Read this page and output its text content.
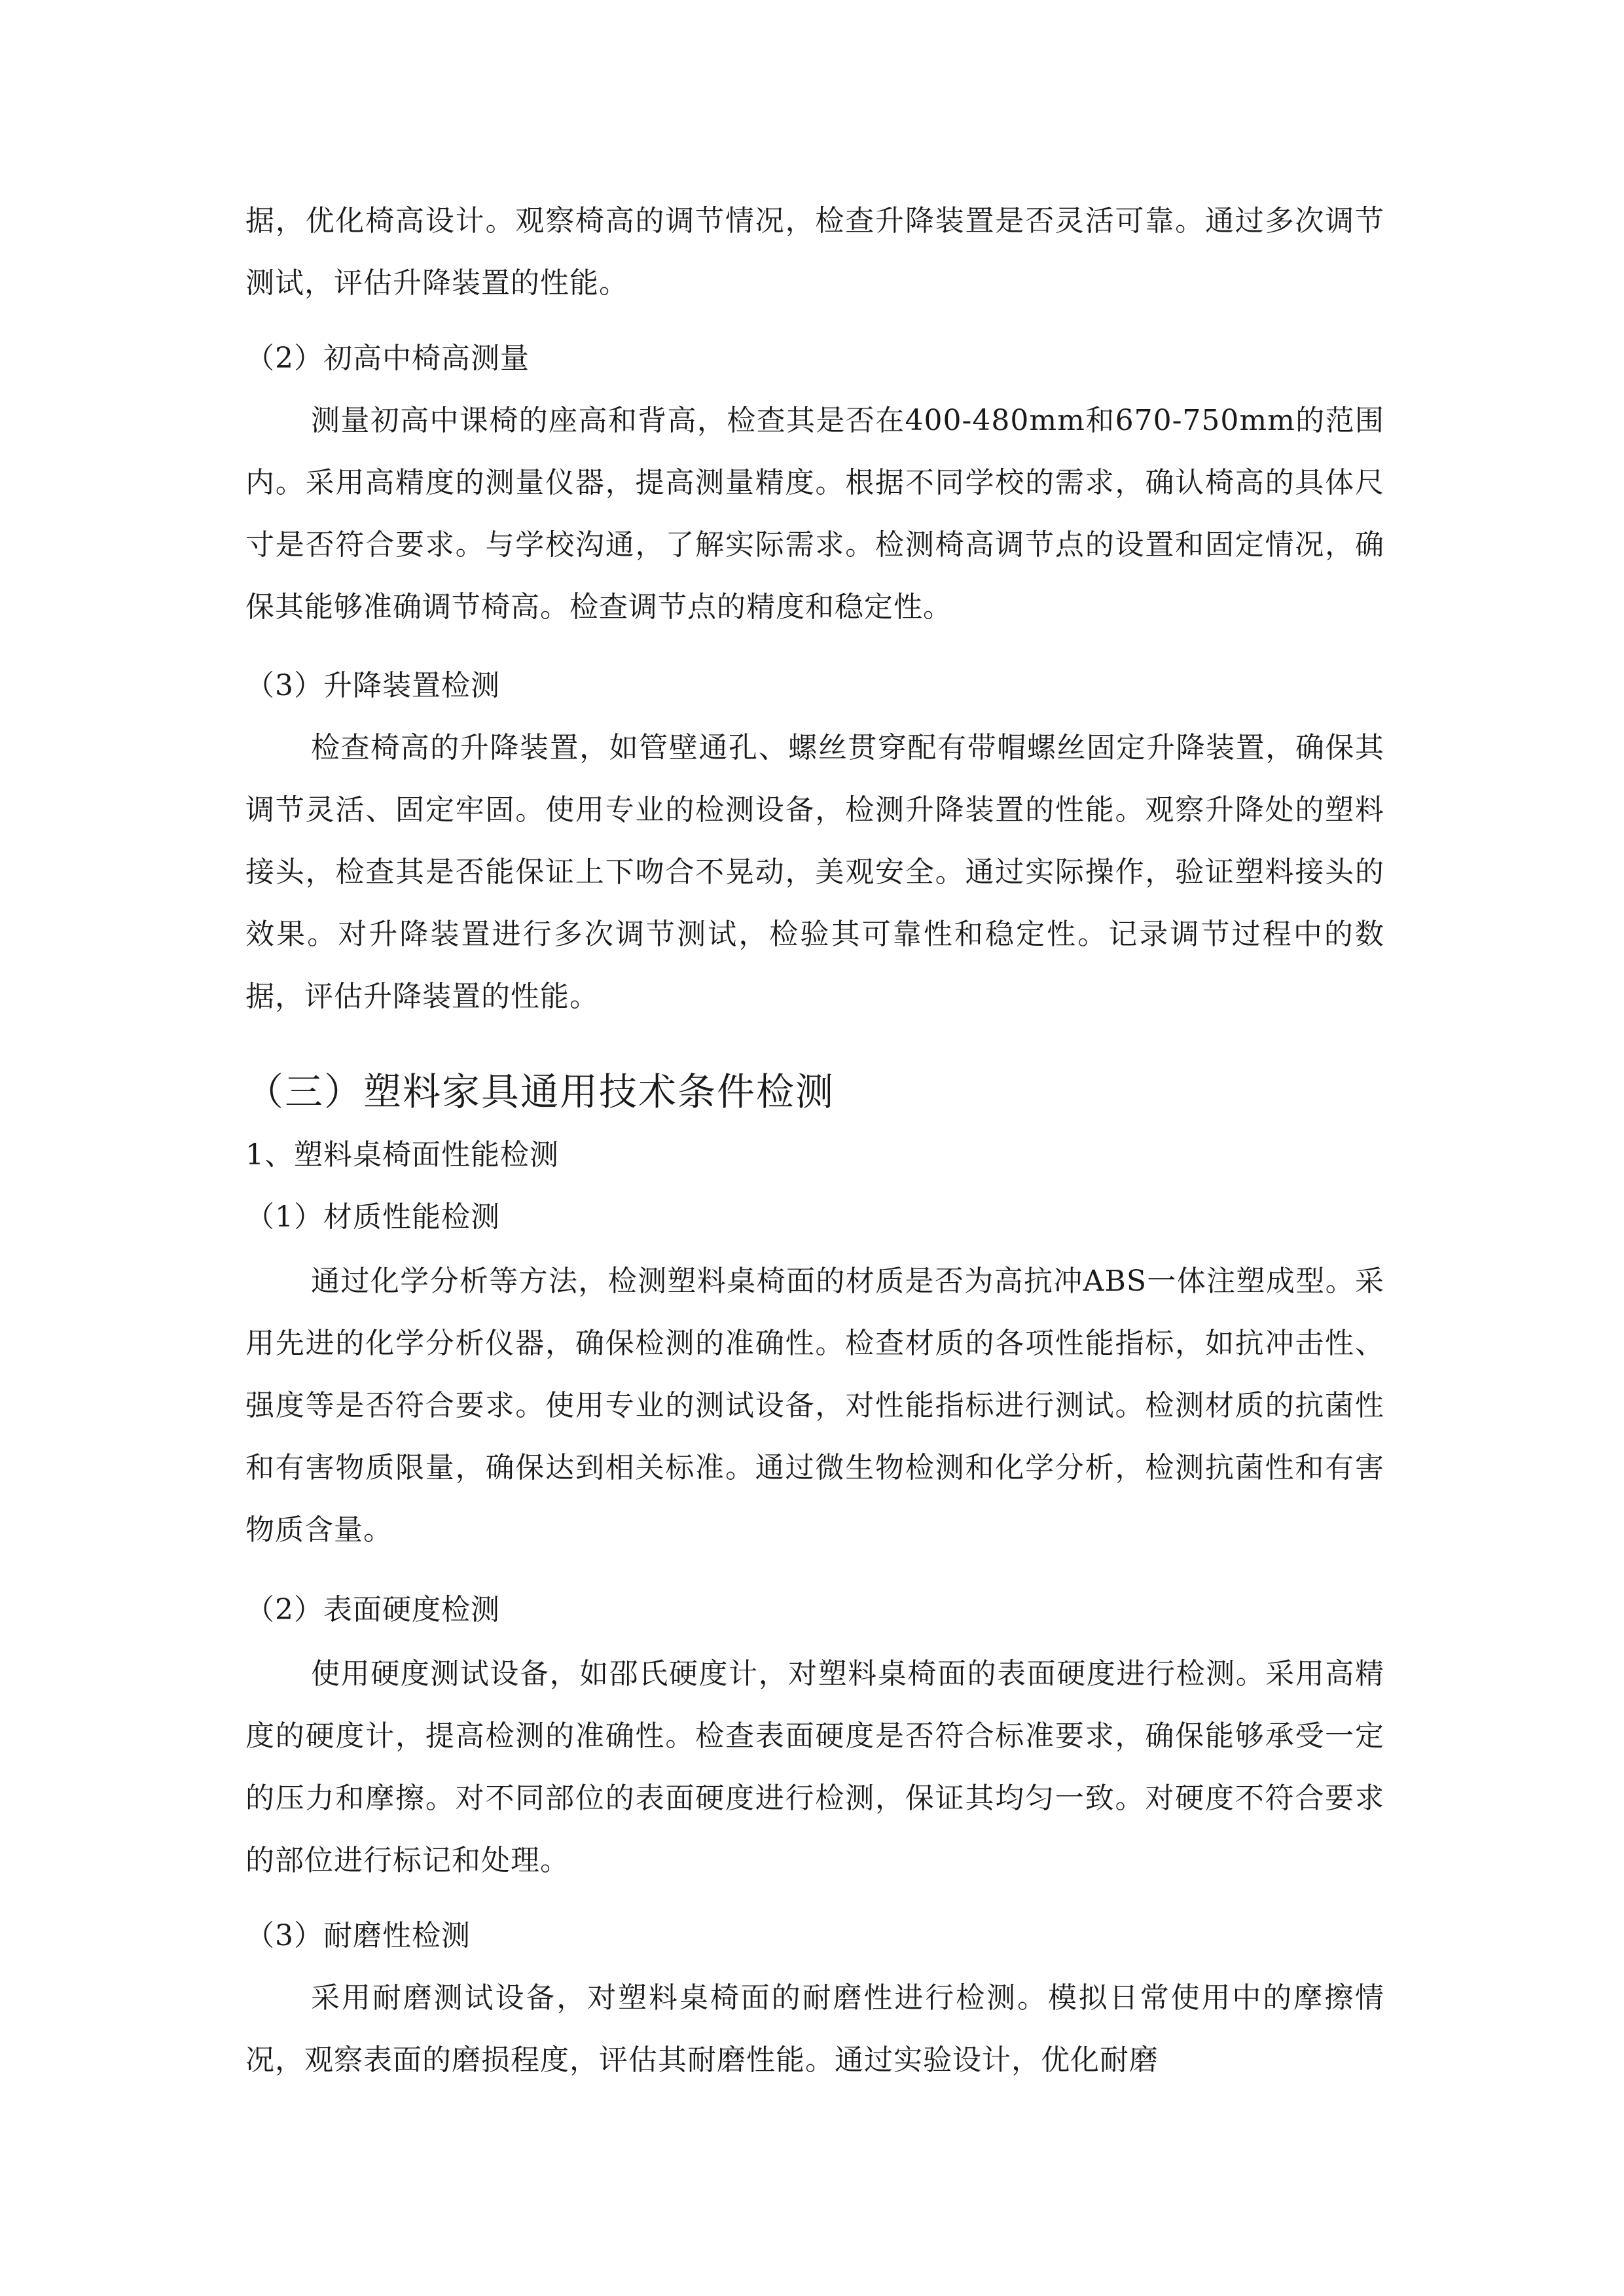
据，优化椅高设计。观察椅高的调节情况，检查升降装置是否灵活可靠。通过多次调节测试，评估升降装置的性能。

（2）初高中椅高测量

测量初高中课椅的座高和背高，检查其是否在400-480mm和670-750mm的范围内。采用高精度的测量仪器，提高测量精度。根据不同学校的需求，确认椅高的具体尺寸是否符合要求。与学校沟通，了解实际需求。检测椅高调节点的设置和固定情况，确保其能够准确调节椅高。检查调节点的精度和稳定性。

（3）升降装置检测

检查椅高的升降装置，如管壁通孔、螺丝贯穿配有带帽螺丝固定升降装置，确保其调节灵活、固定牢固。使用专业的检测设备，检测升降装置的性能。观察升降处的塑料接头，检查其是否能保证上下吻合不晃动，美观安全。通过实际操作，验证塑料接头的效果。对升降装置进行多次调节测试，检验其可靠性和稳定性。记录调节过程中的数据，评估升降装置的性能。

（三）塑料家具通用技术条件检测

1、塑料桌椅面性能检测

（1）材质性能检测

通过化学分析等方法，检测塑料桌椅面的材质是否为高抗冲ABS一体注塑成型。采用先进的化学分析仪器，确保检测的准确性。检查材质的各项性能指标，如抗冲击性、强度等是否符合要求。使用专业的测试设备，对性能指标进行测试。检测材质的抗菌性和有害物质限量，确保达到相关标准。通过微生物检测和化学分析，检测抗菌性和有害物质含量。

（2）表面硬度检测

使用硬度测试设备，如邵氏硬度计，对塑料桌椅面的表面硬度进行检测。采用高精度的硬度计，提高检测的准确性。检查表面硬度是否符合标准要求，确保能够承受一定的压力和摩擦。对不同部位的表面硬度进行检测，保证其均匀一致。对硬度不符合要求的部位进行标记和处理。

（3）耐磨性检测

采用耐磨测试设备，对塑料桌椅面的耐磨性进行检测。模拟日常使用中的摩擦情况，观察表面的磨损程度，评估其耐磨性能。通过实验设计，优化耐磨
